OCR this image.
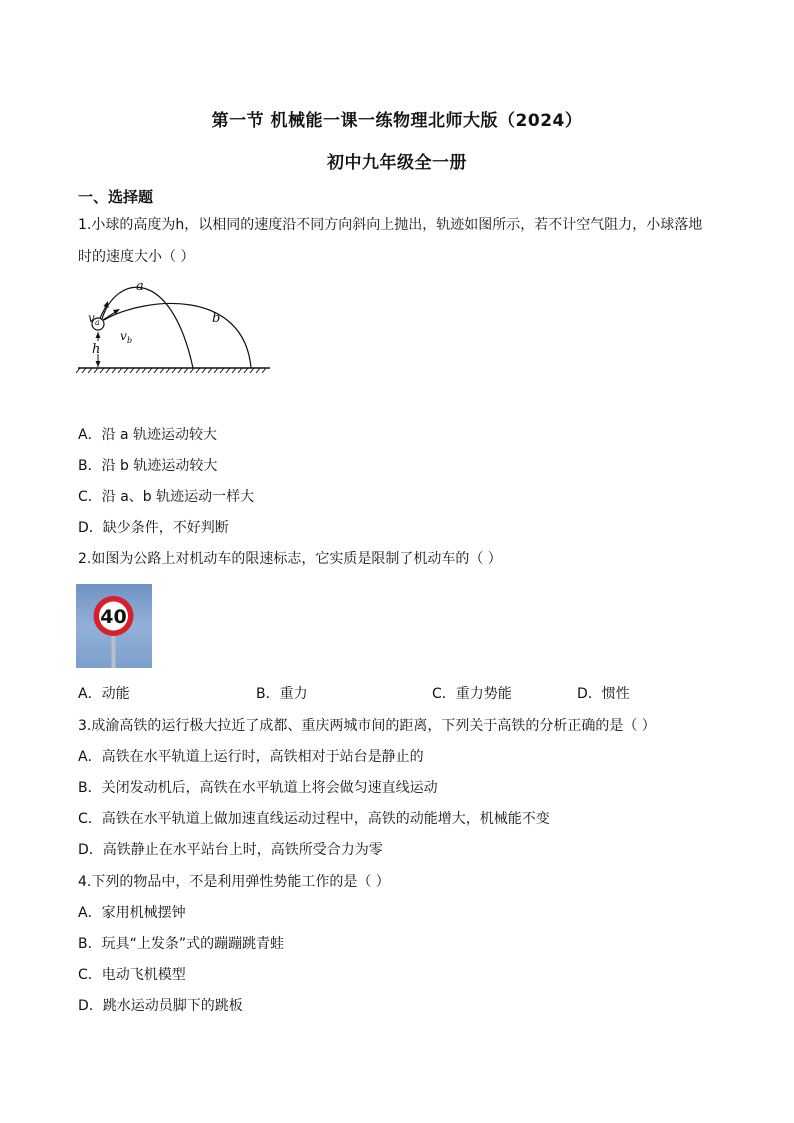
第一节 机械能一课一练物理北师大版（2024）
初中九年级全一册
一、选择题
1.小球的高度为h，以相同的速度沿不同方向斜向上抛出，轨迹如图所示，若不计空气阻力，小球落地
时的速度大小（ ）
h
v a
v b
a
b
A．沿 a 轨迹运动较大
B．沿 b 轨迹运动较大
C．沿 a、b 轨迹运动一样大
D．缺少条件，不好判断
2.如图为公路上对机动车的限速标志，它实质是限制了机动车的（ ）
40
A．动能	B．重力	C．重力势能	D．惯性
3.成渝高铁的运行极大拉近了成都、重庆两城市间的距离，下列关于高铁的分析正确的是（ ）
A．高铁在水平轨道上运行时，高铁相对于站台是静止的
B．关闭发动机后，高铁在水平轨道上将会做匀速直线运动
C．高铁在水平轨道上做加速直线运动过程中，高铁的动能增大，机械能不变
D．高铁静止在水平站台上时，高铁所受合力为零
4.下列的物品中，不是利用弹性势能工作的是（ ）
A．家用机械摆钟
B．玩具“上发条”式的蹦蹦跳青蛙
C．电动飞机模型
D．跳水运动员脚下的跳板
